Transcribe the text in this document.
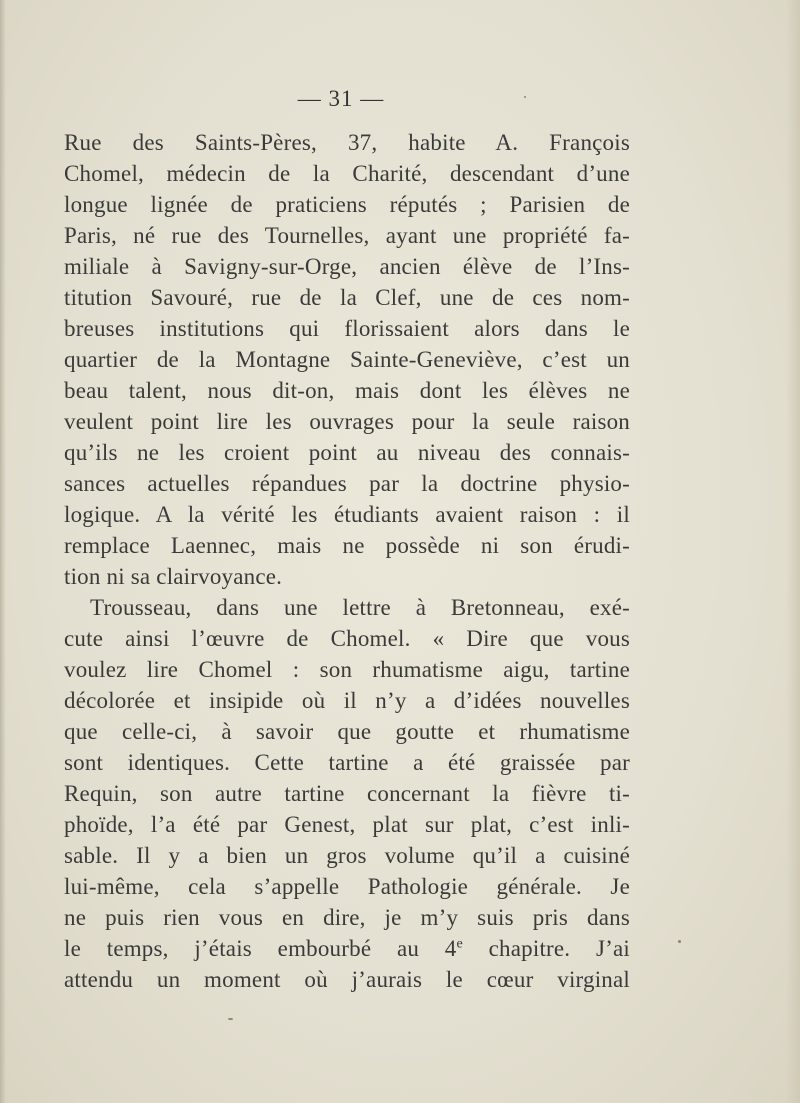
— 31 —
Rue des Saints-Pères, 37, habite A. François
Chomel, médecin de la Charité, descendant d’une
longue lignée de praticiens réputés ; Parisien de
Paris, né rue des Tournelles, ayant une propriété fa-
miliale à Savigny-sur-Orge, ancien élève de l’Ins-
titution Savouré, rue de la Clef, une de ces nom-
breuses institutions qui florissaient alors dans le
quartier de la Montagne Sainte-Geneviève, c’est un
beau talent, nous dit-on, mais dont les élèves ne
veulent point lire les ouvrages pour la seule raison
qu’ils ne les croient point au niveau des connais-
sances actuelles répandues par la doctrine physio-
logique. A la vérité les étudiants avaient raison : il
remplace Laennec, mais ne possède ni son érudi-
tion ni sa clairvoyance.
Trousseau, dans une lettre à Bretonneau, exé-
cute ainsi l’œuvre de Chomel. « Dire que vous
voulez lire Chomel : son rhumatisme aigu, tartine
décolorée et insipide où il n’y a d’idées nouvelles
que celle-ci, à savoir que goutte et rhumatisme
sont identiques. Cette tartine a été graissée par
Requin, son autre tartine concernant la fièvre ti-
phoïde, l’a été par Genest, plat sur plat, c’est inli-
sable. Il y a bien un gros volume qu’il a cuisiné
lui-même, cela s’appelle Pathologie générale. Je
ne puis rien vous en dire, je m’y suis pris dans
le temps, j’étais embourbé au 4e chapitre. J’ai
attendu un moment où j’aurais le cœur virginal
